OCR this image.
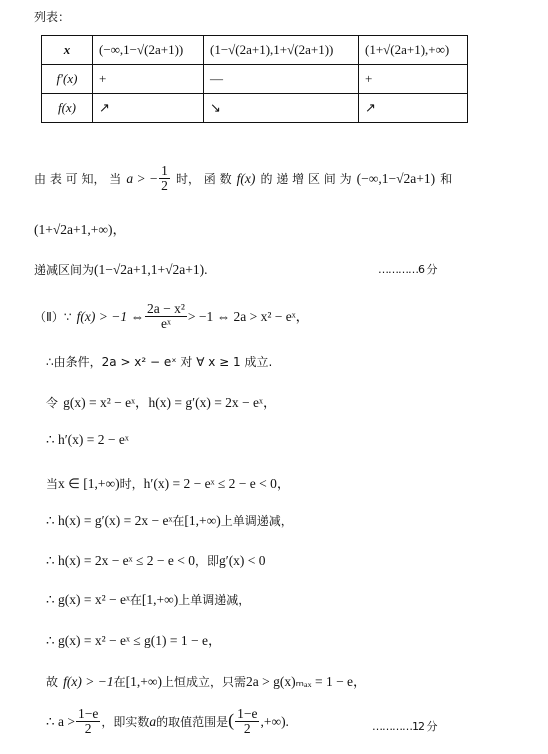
列表：
x	(−∞,1−√(2a+1))	(1−√(2a+1),1+√(2a+1))	(1+√(2a+1),+∞)
f′(x)	+	—	+
f(x)	↗	↘	↗
由 表 可 知， 当 a > − $\frac{1}{2}$ 时， 函 数 f(x) 的 递 增 区 间 为 (−∞,1−√2a+1) 和
(1+√2a+1,+∞)，
递减区间为(1−√2a+1,1+√2a+1).	…………6 分
（Ⅱ）∵ f(x) > −1 ⇔ $\frac{\text{2a − x²}}{\text{eˣ}} > -1$ ⇔ 2a > x² − eˣ，
∴由条件，2a > x² − eˣ 对 ∀ x ≥ 1 成立.
令 g(x) = x² − eˣ，h(x) = g′(x) = 2x − eˣ，
∴ h′(x) = 2 − eˣ
当x ∈ [1,+∞)时，h′(x) = 2 − eˣ ≤ 2 − e < 0，
∴ h(x) = g′(x) = 2x − eˣ在[1,+∞)上单调递减，
∴ h(x) = 2x − eˣ ≤ 2 − e < 0，即g′(x) < 0
∴ g(x) = x² − eˣ在[1,+∞)上单调递减，
∴ g(x) = x² − eˣ ≤ g(1) = 1 − e，
故 f(x) > −1在[1,+∞)上恒成立，只需2a > g(x)ₘₐₓ = 1 − e，
∴ $a > \frac{1-e}{2}$ ，即实数a的取值范围是( $\frac{1-e}{2}$ ,+∞).	…………12 分
